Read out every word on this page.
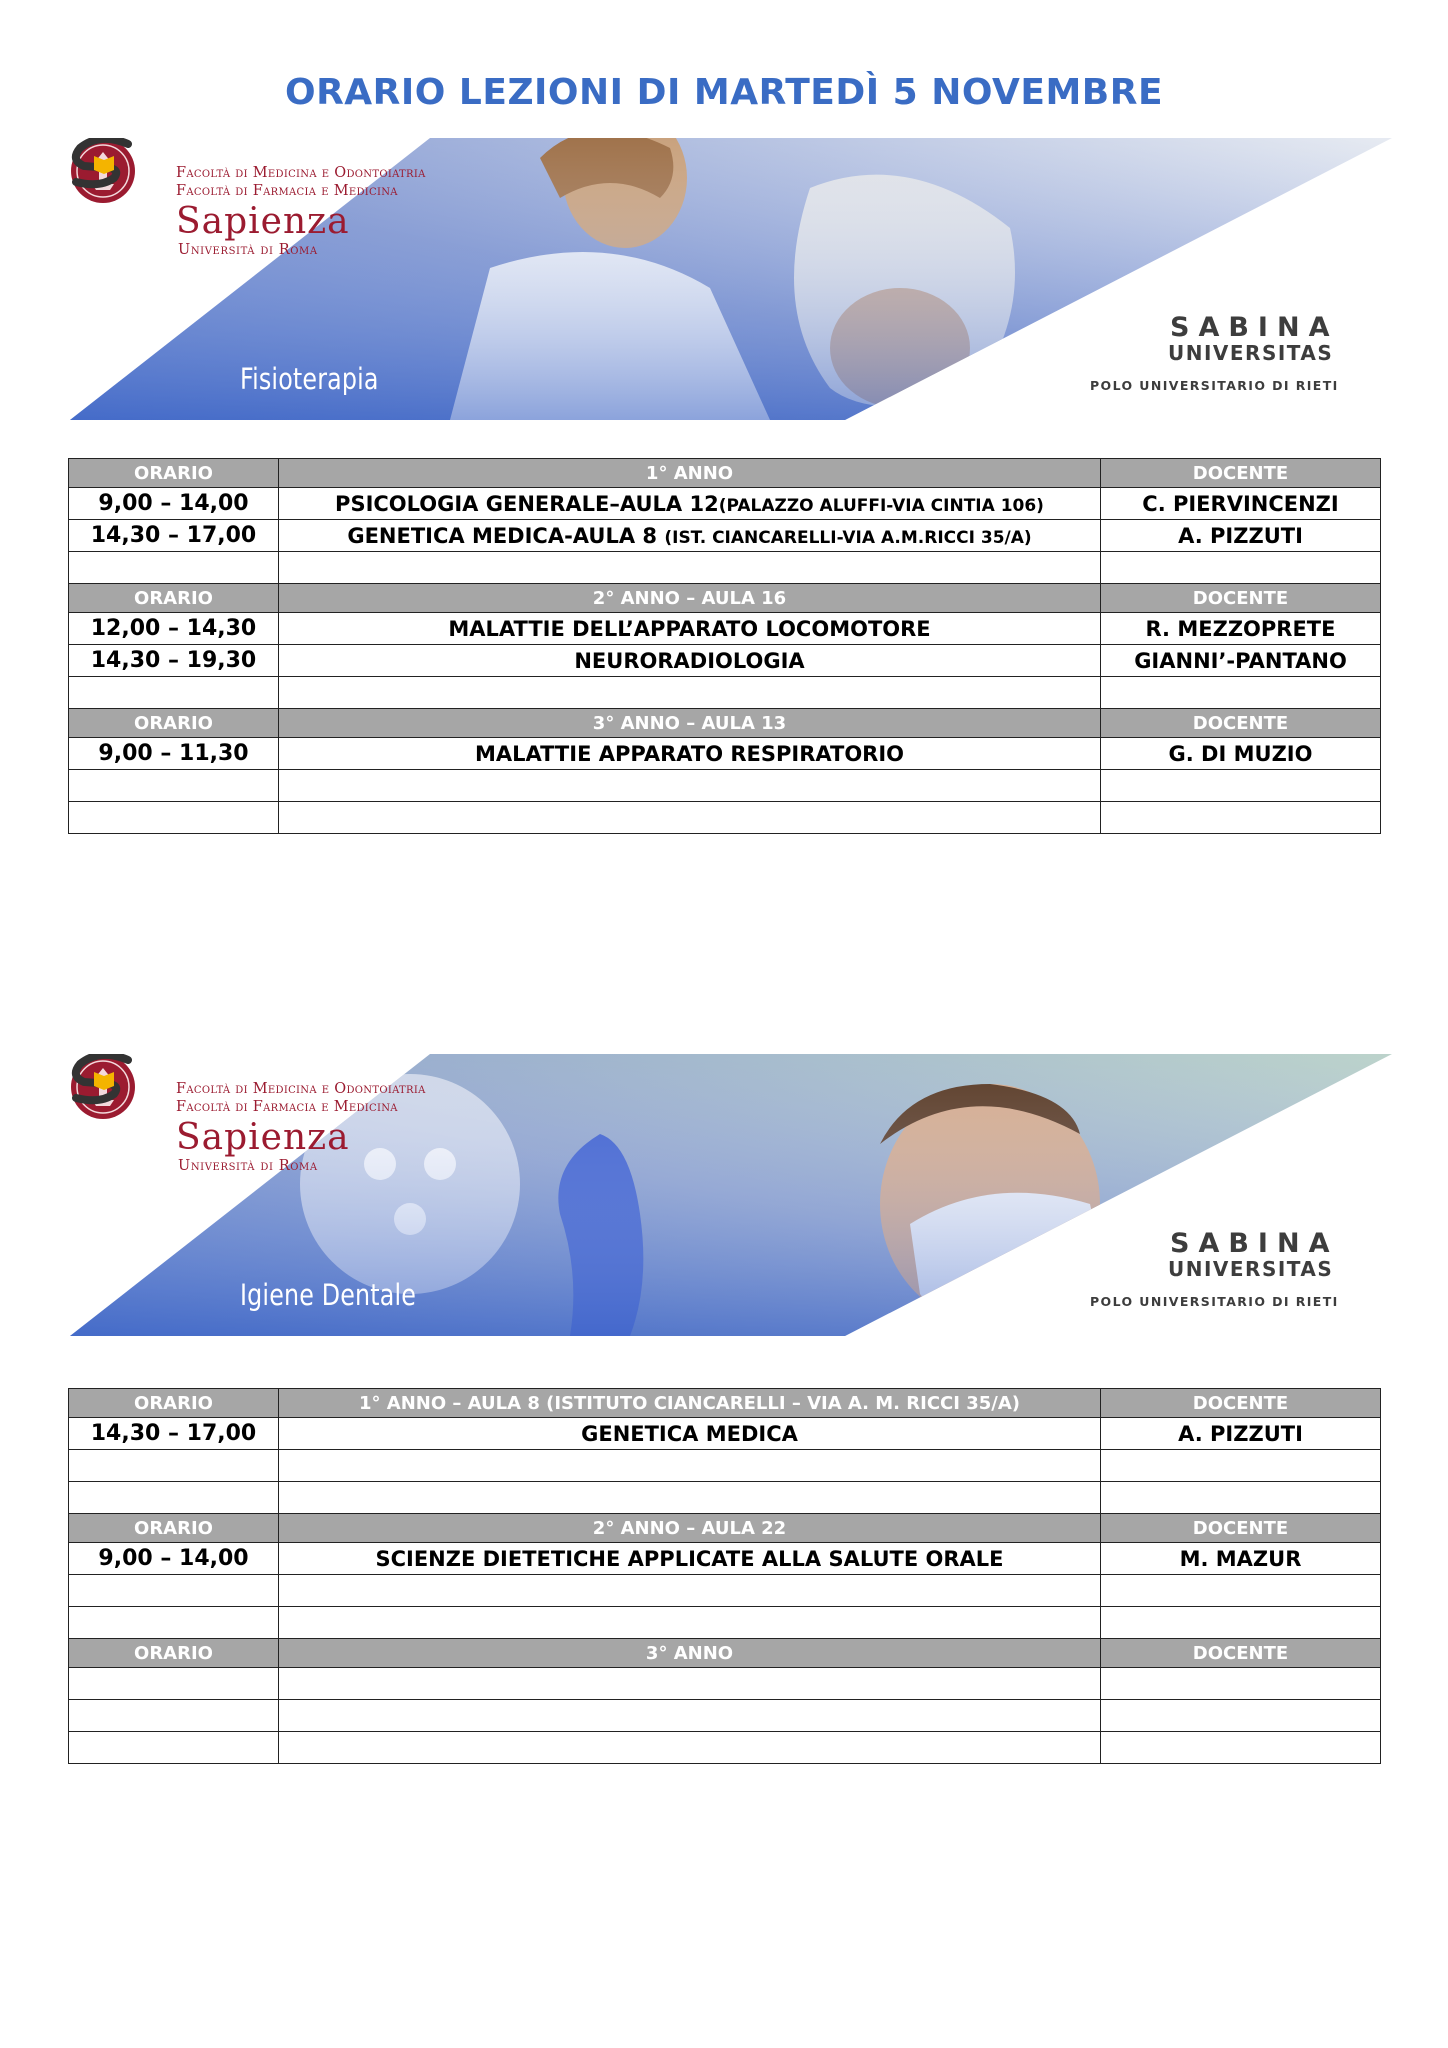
ORARIO LEZIONI DI MARTEDÌ 5 NOVEMBRE
Facoltà di Medicina e Odontoiatria
Facoltà di Farmacia e Medicina
Sapienza
Università di Roma
Fisioterapia
SABINA
UNIVERSITAS
POLO UNIVERSITARIO DI RIETI
ORARIO	1° ANNO	DOCENTE
9,00 – 14,00	PSICOLOGIA GENERALE–AULA 12(PALAZZO ALUFFI-VIA CINTIA 106)	C. PIERVINCENZI
14,30 – 17,00	GENETICA MEDICA-AULA 8 (IST. CIANCARELLI-VIA A.M.RICCI 35/A)	A. PIZZUTI

ORARIO	2° ANNO – AULA 16	DOCENTE
12,00 – 14,30	MALATTIE DELL’APPARATO LOCOMOTORE	R. MEZZOPRETE
14,30 – 19,30	NEURORADIOLOGIA	GIANNI’-PANTANO

ORARIO	3° ANNO – AULA 13	DOCENTE
9,00 – 11,30	MALATTIE APPARATO RESPIRATORIO	G. DI MUZIO

Facoltà di Medicina e Odontoiatria
Facoltà di Farmacia e Medicina
Sapienza
Università di Roma
Igiene Dentale
SABINA
UNIVERSITAS
POLO UNIVERSITARIO DI RIETI
ORARIO	1° ANNO – AULA 8 (ISTITUTO CIANCARELLI – VIA A. M. RICCI 35/A)	DOCENTE
14,30 – 17,00	GENETICA MEDICA	A. PIZZUTI

ORARIO	2° ANNO – AULA 22	DOCENTE
9,00 – 14,00	SCIENZE DIETETICHE APPLICATE ALLA SALUTE ORALE	M. MAZUR

ORARIO	3° ANNO	DOCENTE
